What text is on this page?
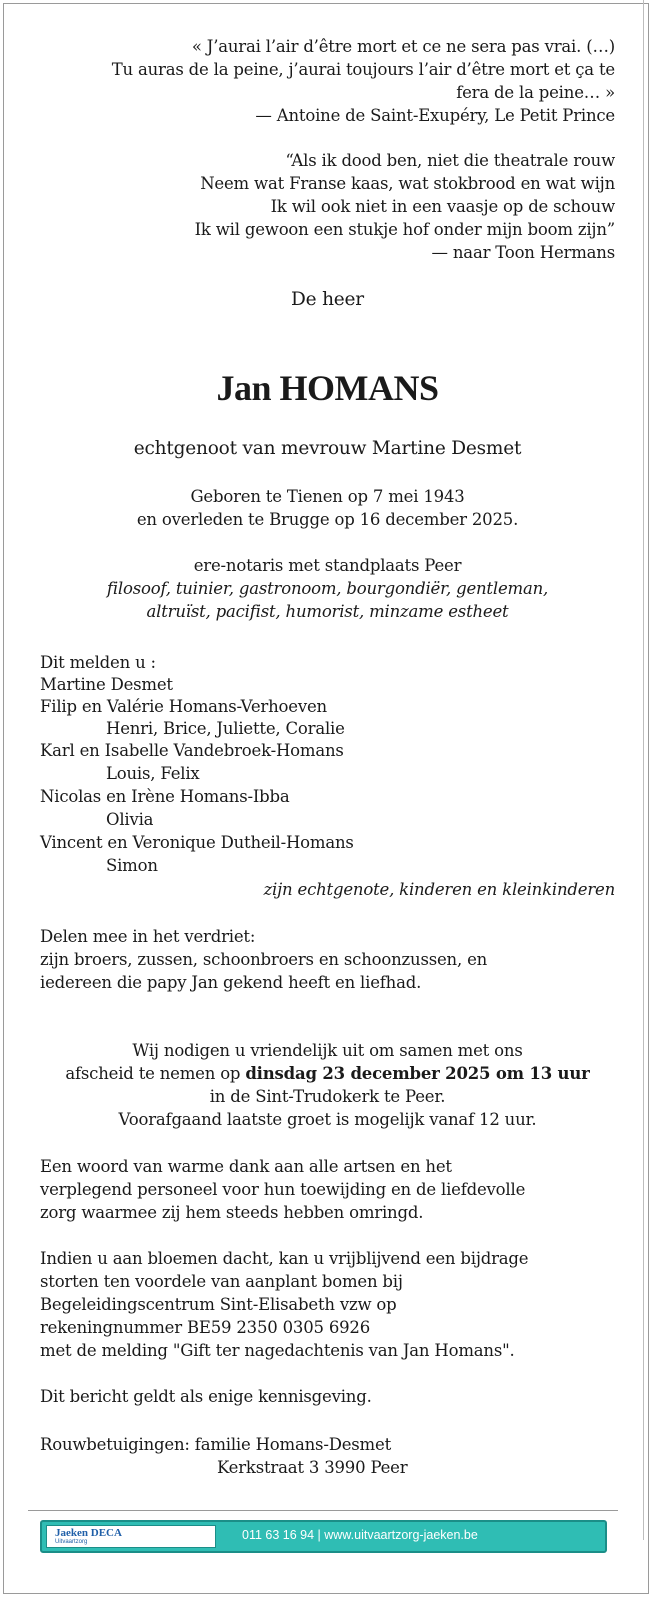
« J’aurai l’air d’être mort et ce ne sera pas vrai. (…)
Tu auras de la peine, j’aurai toujours l’air d’être mort et ça te
fera de la peine… »
— Antoine de Saint-Exupéry, Le Petit Prince
“Als ik dood ben, niet die theatrale rouw
Neem wat Franse kaas, wat stokbrood en wat wijn
Ik wil ook niet in een vaasje op de schouw
Ik wil gewoon een stukje hof onder mijn boom zijn”
— naar Toon Hermans
De heer
Jan HOMANS
echtgenoot van mevrouw Martine Desmet
Geboren te Tienen op 7 mei 1943
en overleden te Brugge op 16 december 2025.
ere-notaris met standplaats Peer
filosoof, tuinier, gastronoom, bourgondiër, gentleman,
altruïst, pacifist, humorist, minzame estheet
Dit melden u :
Martine Desmet
Filip en Valérie Homans-Verhoeven
Henri, Brice, Juliette, Coralie
Karl en Isabelle Vandebroek-Homans
Louis, Felix
Nicolas en Irène Homans-Ibba
Olivia
Vincent en Veronique Dutheil-Homans
Simon
zijn echtgenote, kinderen en kleinkinderen
Delen mee in het verdriet:
zijn broers, zussen, schoonbroers en schoonzussen, en
iedereen die papy Jan gekend heeft en liefhad.
Wij nodigen u vriendelijk uit om samen met ons
afscheid te nemen op dinsdag 23 december 2025 om 13 uur
in de Sint-Trudokerk te Peer.
Voorafgaand laatste groet is mogelijk vanaf 12 uur.
Een woord van warme dank aan alle artsen en het
verplegend personeel voor hun toewijding en de liefdevolle
zorg waarmee zij hem steeds hebben omringd.
Indien u aan bloemen dacht, kan u vrijblijvend een bijdrage
storten ten voordele van aanplant bomen bij
Begeleidingscentrum Sint-Elisabeth vzw op
rekeningnummer BE59 2350 0305 6926
met de melding "Gift ter nagedachtenis van Jan Homans".
Dit bericht geldt als enige kennisgeving.
Rouwbetuigingen: familie Homans-Desmet
Kerkstraat 3 3990 Peer
Jaeken DECA
Uitvaartzorg	011 63 16 94 | www.uitvaartzorg-jaeken.be
